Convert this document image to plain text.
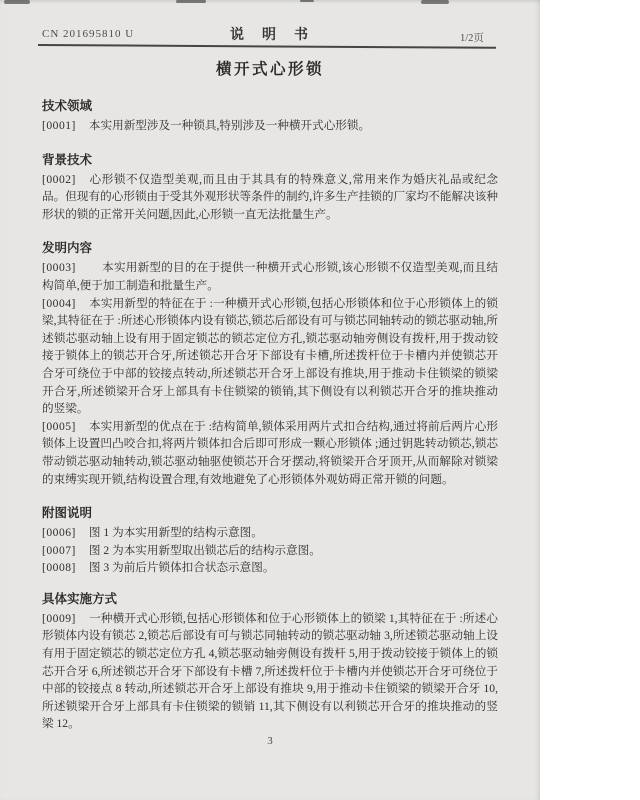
CN 201695810 U	说　明　书	1/2页
横开式心形锁
技术领域

[0001] 本实用新型涉及一种锁具,特别涉及一种横开式心形锁。

背景技术

[0002] 心形锁不仅造型美观,而且由于其具有的特殊意义,常用来作为婚庆礼品或纪念品。但现有的心形锁由于受其外观形状等条件的制约,许多生产挂锁的厂家均不能解决该种形状的锁的正常开关问题,因此,心形锁一直无法批量生产。

发明内容

[0003] 本实用新型的目的在于提供一种横开式心形锁,该心形锁不仅造型美观,而且结构简单,便于加工制造和批量生产。

[0004] 本实用新型的特征在于 :一种横开式心形锁,包括心形锁体和位于心形锁体上的锁梁,其特征在于 :所述心形锁体内设有锁芯,锁芯后部设有可与锁芯同轴转动的锁芯驱动轴,所述锁芯驱动轴上设有用于固定锁芯的锁芯定位方孔,锁芯驱动轴旁侧设有拨杆,用于拨动铰接于锁体上的锁芯开合牙,所述锁芯开合牙下部设有卡槽,所述拨杆位于卡槽内并使锁芯开合牙可绕位于中部的铰接点转动,所述锁芯开合牙上部设有推块,用于推动卡住锁梁的锁梁开合牙,所述锁梁开合牙上部具有卡住锁梁的锁销,其下侧设有以利锁芯开合牙的推块推动的竖梁。

[0005] 本实用新型的优点在于 :结构简单,锁体采用两片式扣合结构,通过将前后两片心形锁体上设置凹凸咬合扣,将两片锁体扣合后即可形成一颗心形锁体 ;通过钥匙转动锁芯,锁芯带动锁芯驱动轴转动,锁芯驱动轴驱使锁芯开合牙摆动,将锁梁开合牙顶开,从而解除对锁梁的束缚实现开锁,结构设置合理,有效地避免了心形锁体外观妨碍正常开锁的问题。

附图说明

[0006] 图 1 为本实用新型的结构示意图。

[0007] 图 2 为本实用新型取出锁芯后的结构示意图。

[0008] 图 3 为前后片锁体扣合状态示意图。

具体实施方式

[0009] 一种横开式心形锁,包括心形锁体和位于心形锁体上的锁梁 1,其特征在于 :所述心形锁体内设有锁芯 2,锁芯后部设有可与锁芯同轴转动的锁芯驱动轴 3,所述锁芯驱动轴上设有用于固定锁芯的锁芯定位方孔 4,锁芯驱动轴旁侧设有拨杆 5,用于拨动铰接于锁体上的锁芯开合牙 6,所述锁芯开合牙下部设有卡槽 7,所述拨杆位于卡槽内并使锁芯开合牙可绕位于中部的铰接点 8 转动,所述锁芯开合牙上部设有推块 9,用于推动卡住锁梁的锁梁开合牙 10,所述锁梁开合牙上部具有卡住锁梁的锁销 11,其下侧设有以利锁芯开合牙的推块推动的竖梁 12。

3
